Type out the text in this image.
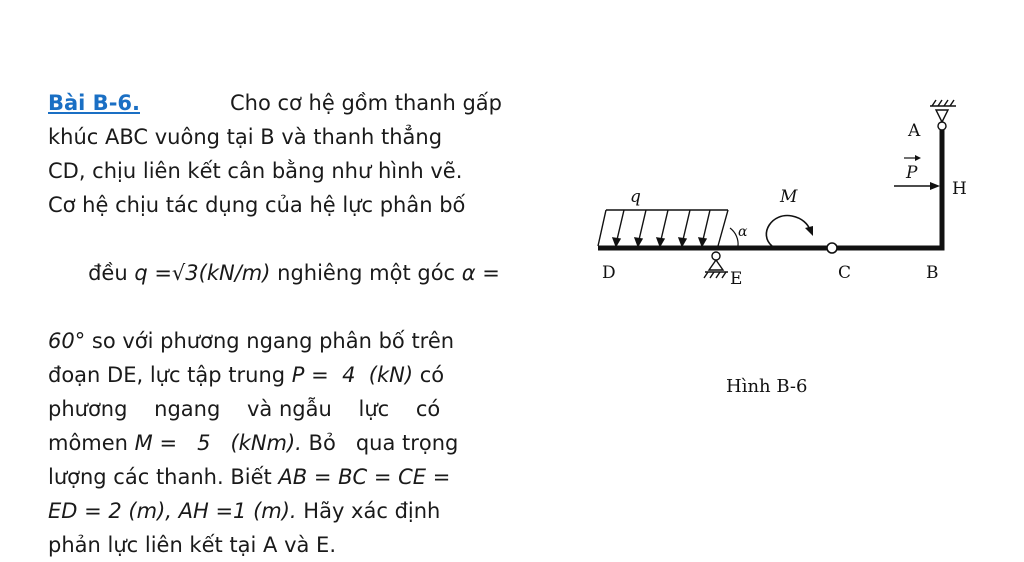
Bài B-6.	Cho cơ hệ gồm thanh gấp
khúc ABC vuông tại B và thanh thẳng
CD, chịu liên kết cân bằng như hình vẽ.
Cơ hệ chịu tác dụng của hệ lực phân bố

đều q =√3(kN/m) nghiêng một góc α =

60° so với phương ngang phân bố trên
đoạn DE, lực tập trung P =  4  (kN) có
phương    ngang    và ngẫu    lực    có
mômen M =   5   (kNm). Bỏ   qua trọng
lượng các thanh. Biết AB = BC = CE =
ED = 2 (m), AH =1 (m). Hãy xác định
phản lực liên kết tại A và E.
q
α
M
P
H
A
D	E	C	B
Hình B-6
